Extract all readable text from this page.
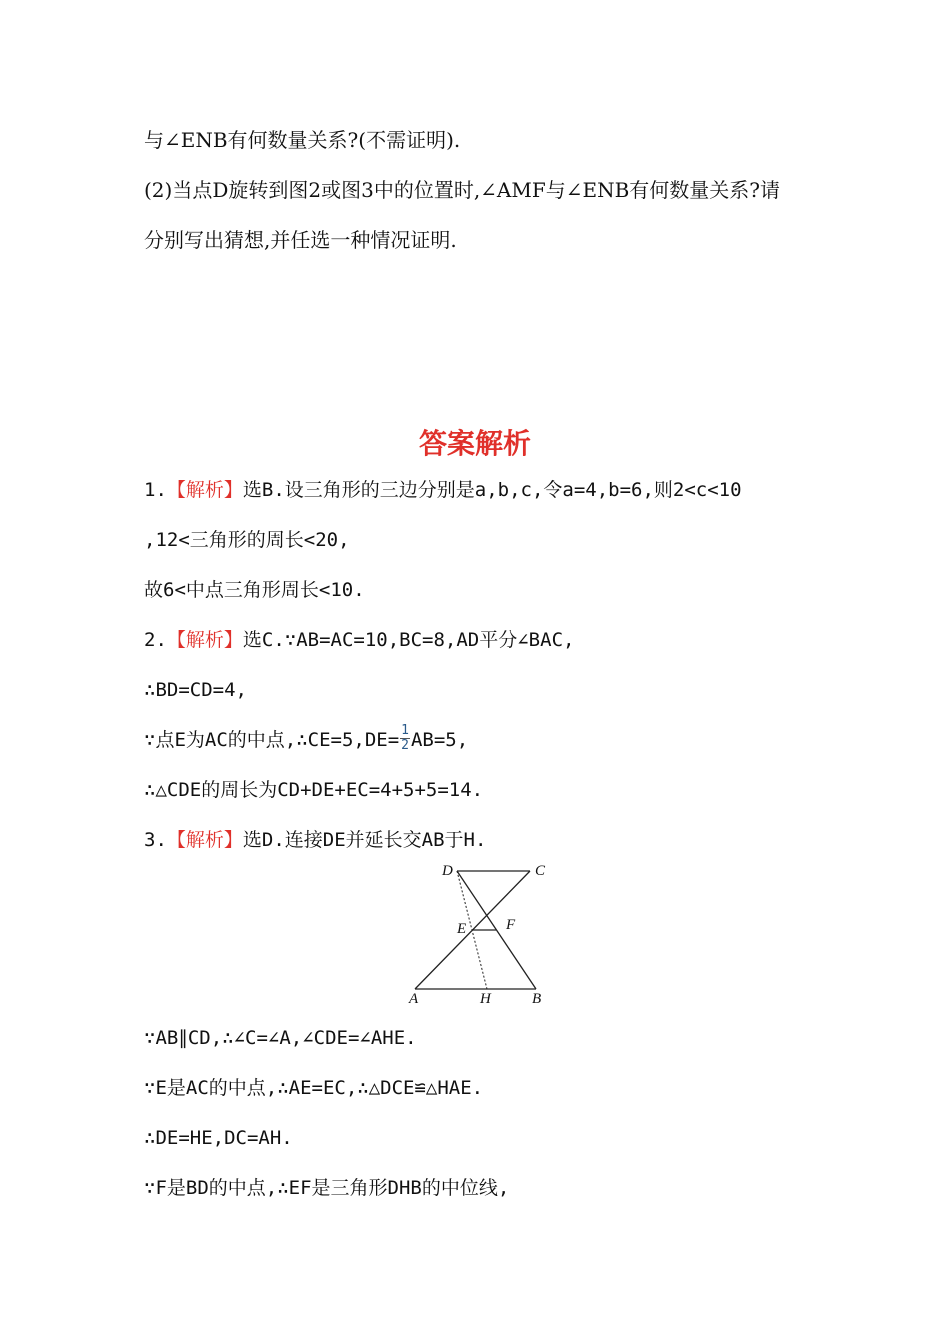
与∠ENB有何数量关系?(不需证明).
(2)当点D旋转到图2或图3中的位置时,∠AMF与∠ENB有何数量关系?请
分别写出猜想,并任选一种情况证明.
答案解析
1.【解析】选B.设三角形的三边分别是a,b,c,令a=4,b=6,则2<c<10
,12<三角形的周长<20,
故6<中点三角形周长<10.
2.【解析】选C.∵AB=AC=10,BC=8,AD平分∠BAC,
∴BD=CD=4,
∵点E为AC的中点,∴CE=5,DE= $\frac{1}{2} AB=5$,
∴△CDE的周长为CD+DE+EC=4+5+5=14.
3.【解析】选D.连接DE并延长交AB于H.
D	C
E	F
A	H	B
∵AB∥CD,∴∠C=∠A,∠CDE=∠AHE.
∵E是AC的中点,∴AE=EC,∴△DCE≌△HAE.
∴DE=HE,DC=AH.
∵F是BD的中点,∴EF是三角形DHB的中位线,
